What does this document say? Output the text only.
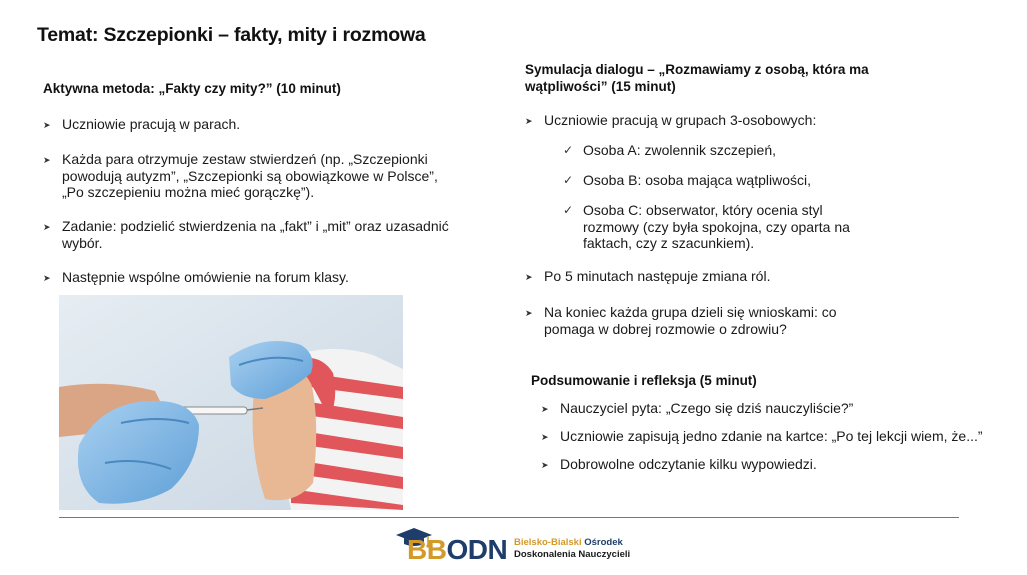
Temat: Szczepionki – fakty, mity i rozmowa
Aktywna metoda: „Fakty czy mity?” (10 minut)
➤ Uczniowie pracują w parach.
➤ Każda para otrzymuje zestaw stwierdzeń (np. „Szczepionki
powodują autyzm”, „Szczepionki są obowiązkowe w Polsce”,
„Po szczepieniu można mieć gorączkę”).
➤ Zadanie: podzielić stwierdzenia na „fakt” i „mit” oraz uzasadnić
wybór.
➤ Następnie wspólne omówienie na forum klasy.
Symulacja dialogu – „Rozmawiamy z osobą, która ma
wątpliwości” (15 minut)
➤ Uczniowie pracują w grupach 3-osobowych:
✓ Osoba A: zwolennik szczepień,
✓ Osoba B: osoba mająca wątpliwości,
✓ Osoba C: obserwator, który ocenia styl
rozmowy (czy była spokojna, czy oparta na
faktach, czy z szacunkiem).
➤ Po 5 minutach następuje zmiana ról.
➤ Na koniec każda grupa dzieli się wnioskami: co
pomaga w dobrej rozmowie o zdrowiu?
Podsumowanie i refleksja (5 minut)
➤ Nauczyciel pyta: „Czego się dziś nauczyliście?”
➤ Uczniowie zapisują jedno zdanie na kartce: „Po tej lekcji wiem, że...”
➤ Dobrowolne odczytanie kilku wypowiedzi.
BBODN Bielsko-Bialski Ośrodek
Doskonalenia Nauczycieli
